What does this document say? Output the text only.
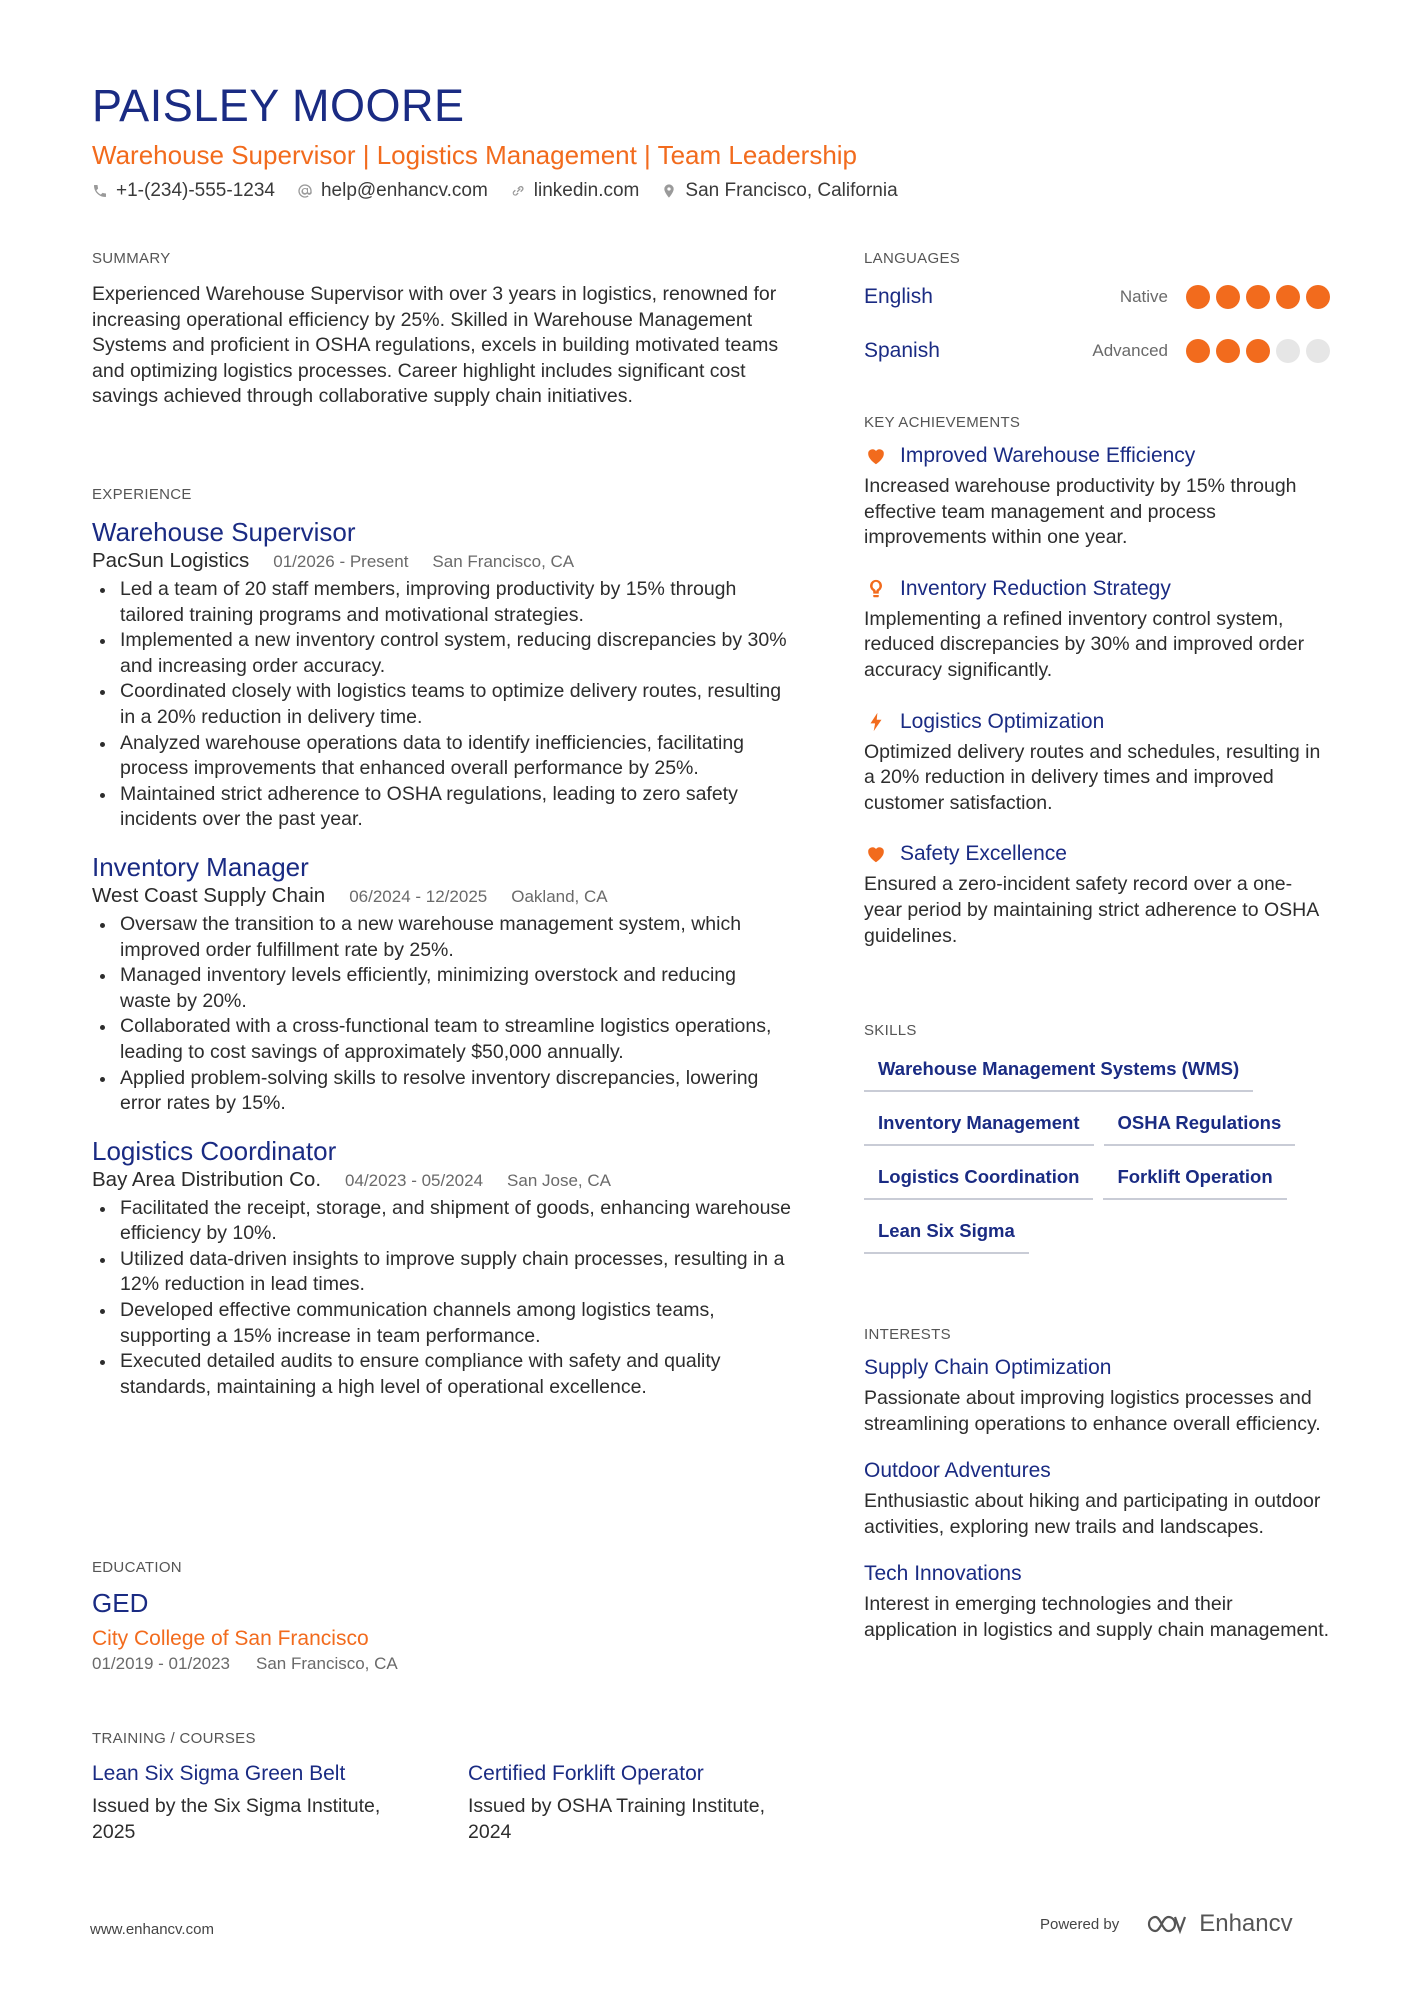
PAISLEY MOORE
Warehouse Supervisor | Logistics Management | Team Leadership
+1-(234)-555-1234 help@enhancv.com linkedin.com San Francisco, California
SUMMARY
Experienced Warehouse Supervisor with over 3 years in logistics, renowned for increasing operational efficiency by 25%. Skilled in Warehouse Management Systems and proficient in OSHA regulations, excels in building motivated teams and optimizing logistics processes. Career highlight includes significant cost savings achieved through collaborative supply chain initiatives.
EXPERIENCE
Warehouse Supervisor
PacSun Logistics 01/2026 - Present San Francisco, CA
Led a team of 20 staff members, improving productivity by 15% through tailored training programs and motivational strategies.
Implemented a new inventory control system, reducing discrepancies by 30% and increasing order accuracy.
Coordinated closely with logistics teams to optimize delivery routes, resulting in a 20% reduction in delivery time.
Analyzed warehouse operations data to identify inefficiencies, facilitating process improvements that enhanced overall performance by 25%.
Maintained strict adherence to OSHA regulations, leading to zero safety incidents over the past year.
Inventory Manager
West Coast Supply Chain 06/2024 - 12/2025 Oakland, CA
Oversaw the transition to a new warehouse management system, which improved order fulfillment rate by 25%.
Managed inventory levels efficiently, minimizing overstock and reducing waste by 20%.
Collaborated with a cross-functional team to streamline logistics operations, leading to cost savings of approximately $50,000 annually.
Applied problem-solving skills to resolve inventory discrepancies, lowering error rates by 15%.
Logistics Coordinator
Bay Area Distribution Co. 04/2023 - 05/2024 San Jose, CA
Facilitated the receipt, storage, and shipment of goods, enhancing warehouse efficiency by 10%.
Utilized data-driven insights to improve supply chain processes, resulting in a 12% reduction in lead times.
Developed effective communication channels among logistics teams, supporting a 15% increase in team performance.
Executed detailed audits to ensure compliance with safety and quality standards, maintaining a high level of operational excellence.
EDUCATION
GED
City College of San Francisco
01/2019 - 01/2023 San Francisco, CA
TRAINING / COURSES
Lean Six Sigma Green Belt
Issued by the Six Sigma Institute, 2025
Certified Forklift Operator
Issued by OSHA Training Institute, 2024
LANGUAGES
English	Native
Spanish	Advanced
KEY ACHIEVEMENTS
Improved Warehouse Efficiency
Increased warehouse productivity by 15% through effective team management and process improvements within one year.
Inventory Reduction Strategy
Implementing a refined inventory control system, reduced discrepancies by 30% and improved order accuracy significantly.
Logistics Optimization
Optimized delivery routes and schedules, resulting in a 20% reduction in delivery times and improved customer satisfaction.
Safety Excellence
Ensured a zero-incident safety record over a one-year period by maintaining strict adherence to OSHA guidelines.
SKILLS
Warehouse Management Systems (WMS)
Inventory Management	OSHA Regulations
Logistics Coordination	Forklift Operation
Lean Six Sigma
INTERESTS
Supply Chain Optimization
Passionate about improving logistics processes and streamlining operations to enhance overall efficiency.
Outdoor Adventures
Enthusiastic about hiking and participating in outdoor activities, exploring new trails and landscapes.
Tech Innovations
Interest in emerging technologies and their application in logistics and supply chain management.
www.enhancv.com	Powered by	Enhancv
